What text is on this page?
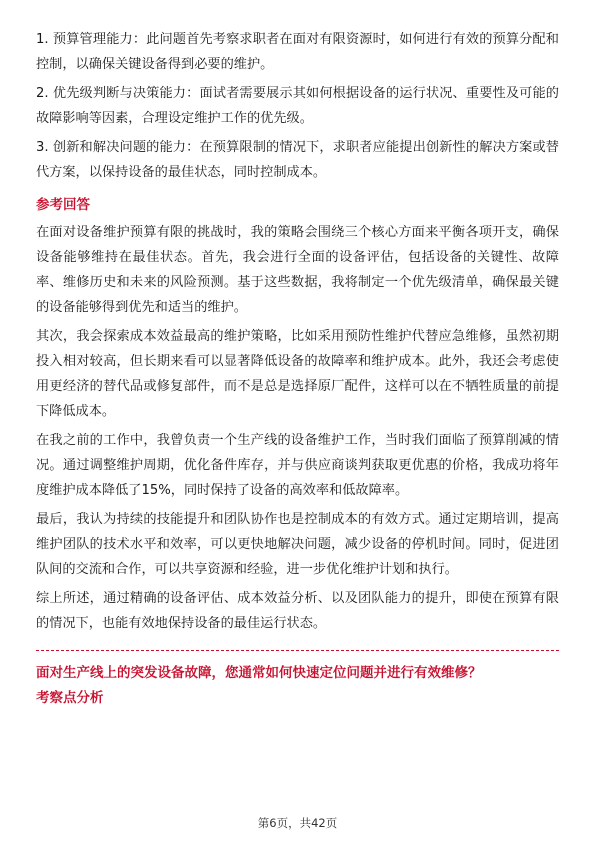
1. 预算管理能力：此问题首先考察求职者在面对有限资源时，如何进行有效的预算分配和控制，以确保关键设备得到必要的维护。

2. 优先级判断与决策能力：面试者需要展示其如何根据设备的运行状况、重要性及可能的故障影响等因素，合理设定维护工作的优先级。

3. 创新和解决问题的能力：在预算限制的情况下，求职者应能提出创新性的解决方案或替代方案，以保持设备的最佳状态，同时控制成本。

参考回答

在面对设备维护预算有限的挑战时，我的策略会围绕三个核心方面来平衡各项开支，确保设备能够维持在最佳状态。首先，我会进行全面的设备评估，包括设备的关键性、故障率、维修历史和未来的风险预测。基于这些数据，我将制定一个优先级清单，确保最关键的设备能够得到优先和适当的维护。

其次，我会探索成本效益最高的维护策略，比如采用预防性维护代替应急维修，虽然初期投入相对较高，但长期来看可以显著降低设备的故障率和维护成本。此外，我还会考虑使用更经济的替代品或修复部件，而不是总是选择原厂配件，这样可以在不牺牲质量的前提下降低成本。

在我之前的工作中，我曾负责一个生产线的设备维护工作，当时我们面临了预算削减的情况。通过调整维护周期，优化备件库存，并与供应商谈判获取更优惠的价格，我成功将年度维护成本降低了15%，同时保持了设备的高效率和低故障率。

最后，我认为持续的技能提升和团队协作也是控制成本的有效方式。通过定期培训，提高维护团队的技术水平和效率，可以更快地解决问题，减少设备的停机时间。同时，促进团队间的交流和合作，可以共享资源和经验，进一步优化维护计划和执行。

综上所述，通过精确的设备评估、成本效益分析、以及团队能力的提升，即使在预算有限的情况下，也能有效地保持设备的最佳运行状态。

面对生产线上的突发设备故障，您通常如何快速定位问题并进行有效维修？

考察点分析
第6页，共42页
